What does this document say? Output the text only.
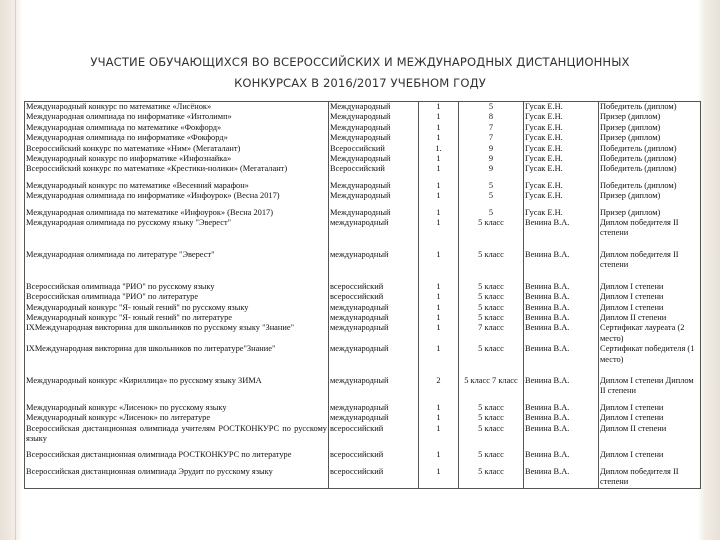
УЧАСТИЕ ОБУЧАЮЩИХСЯ ВО ВСЕРОССИЙСКИХ И МЕЖДУНАРОДНЫХ ДИСТАНЦИОННЫХ
КОНКУРСАХ В 2016/2017 УЧЕБНОМ ГОДУ
Международный конкурс по математике «Лисёнок»	Международный	1	5	Гусак Е.Н.	Победитель (диплом)
Международная олимпиада по информатике «Интолимп»	Международный	1	8	Гусак Е.Н.	Призер (диплом)
Международная олимпиада по математике «Фокфорд»	Международный	1	7	Гусак Е.Н.	Призер (диплом)
Международная олимпиада по информатике «Фокфорд»	Международный	1	7	Гусак Е.Н.	Призер (диплом)
Всероссийский конкурс по математике «Ним» (Мегаталант)	Всероссийский	1.	9	Гусак Е.Н.	Победитель (диплом)
Международный конкурс по информатике «Инфознайка»	Международный	1	9	Гусак Е.Н.	Победитель (диплом)
Всероссийский конкурс по математике «Крестики-нолики» (Мегаталант)	Всероссийский	1	9	Гусак Е.Н.	Победитель (диплом)
Международный конкурс по математике «Весенний марафон»	Международный	1	5	Гусак Е.Н.	Победитель (диплом)
Международная олимпиада по информатике «Инфоурок» (Весна 2017)	Международный	1	5	Гусак Е.Н.	Призер (диплом)
Международная олимпиада по математике «Инфоурок» (Весна 2017)	Международный	1	5	Гусак Е.Н.	Призер (диплом)
Международная олимпиада по русскому языку "Эверест"	международный	1	5 класс	Венина В.А.	Диплом победителя II степени
Международная олимпиада по литературе "Эверест"	международный	1	5 класс	Венина В.А.	Диплом победителя II степени
Всероссийская олимпиада "РИО" по русскому языку	всероссийский	1	5 класс	Венина В.А.	Диплом I степени
Всероссийская олимпиада "РИО" по литературе	всероссийский	1	5 класс	Венина В.А.	Диплом I степени
Международный конкурс "Я- юный гений" по русскому языку	международный	1	5 класс	Венина В.А.	Диплом I степени
Международный конкурс "Я- юный гений" по литературе	международный	1	5 класс	Венина В.А.	Диплом II степени
IXМеждународная викторина для школьников по русскому языку "Знание"	международный	1	7 класс	Венина В.А.	Сертификат лауреата (2 место)
IXМеждународная викторина для школьников по литературе"Знание"	международный	1	5 класс	Венина В.А.	Сертификат победителя (1 место)
Международный конкурс «Кириллица» по русскому языку ЗИМА	международный	2	5 класс 7 класс	Венина В.А.	Диплом I степени Диплом II степени
Международный конкурс «Лисенок» по русскому языку	международный	1	5 класс	Венина В.А.	Диплом I степени
Международный конкурс «Лисенок» по литературе	международный	1	5 класс	Венина В.А.	Диплом I степени
Всероссийская дистанционная олимпиада учителям РОСТКОНКУРС по русскому языку	всероссийский	1	5 класс	Венина В.А.	Диплом II степени
Всероссийская дистанционная олимпиада РОСТКОНКУРС по литературе	всероссийский	1	5 класс	Венина В.А.	Диплом I степени
Всероссийская дистанционная олимпиада Эрудит по русскому языку	всероссийский	1	5 класс	Венина В.А.	Диплом победителя II степени
